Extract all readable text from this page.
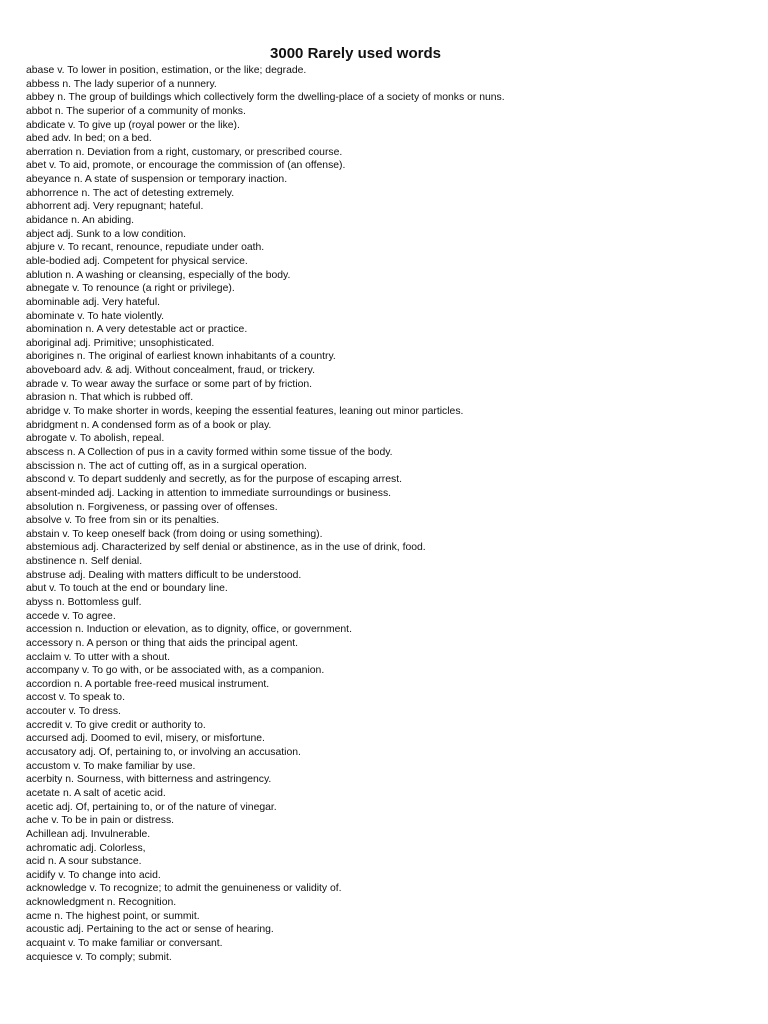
3000 Rarely used words
abase v. To lower in position, estimation, or the like; degrade.
abbess n. The lady superior of a nunnery.
abbey n. The group of buildings which collectively form the dwelling-place of a society of monks or nuns.
abbot n. The superior of a community of monks.
abdicate v. To give up (royal power or the like).
abed adv. In bed; on a bed.
aberration n. Deviation from a right, customary, or prescribed course.
abet v. To aid, promote, or encourage the commission of (an offense).
abeyance n. A state of suspension or temporary inaction.
abhorrence n. The act of detesting extremely.
abhorrent adj. Very repugnant; hateful.
abidance n. An abiding.
abject adj. Sunk to a low condition.
abjure v. To recant, renounce, repudiate under oath.
able-bodied adj. Competent for physical service.
ablution n. A washing or cleansing, especially of the body.
abnegate v. To renounce (a right or privilege).
abominable adj. Very hateful.
abominate v. To hate violently.
abomination n. A very detestable act or practice.
aboriginal adj. Primitive; unsophisticated.
aborigines n. The original of earliest known inhabitants of a country.
aboveboard adv. & adj. Without concealment, fraud, or trickery.
abrade v. To wear away the surface or some part of by friction.
abrasion n. That which is rubbed off.
abridge v. To make shorter in words, keeping the essential features, leaning out minor particles.
abridgment n. A condensed form as of a book or play.
abrogate v. To abolish, repeal.
abscess n. A Collection of pus in a cavity formed within some tissue of the body.
abscission n. The act of cutting off, as in a surgical operation.
abscond v. To depart suddenly and secretly, as for the purpose of escaping arrest.
absent-minded adj. Lacking in attention to immediate surroundings or business.
absolution n. Forgiveness, or passing over of offenses.
absolve v. To free from sin or its penalties.
abstain v. To keep oneself back (from doing or using something).
abstemious adj. Characterized by self denial or abstinence, as in the use of drink, food.
abstinence n. Self denial.
abstruse adj. Dealing with matters difficult to be understood.
abut v. To touch at the end or boundary line.
abyss n. Bottomless gulf.
accede v. To agree.
accession n. Induction or elevation, as to dignity, office, or government.
accessory n. A person or thing that aids the principal agent.
acclaim v. To utter with a shout.
accompany v. To go with, or be associated with, as a companion.
accordion n. A portable free-reed musical instrument.
accost v. To speak to.
accouter v. To dress.
accredit v. To give credit or authority to.
accursed adj. Doomed to evil, misery, or misfortune.
accusatory adj. Of, pertaining to, or involving an accusation.
accustom v. To make familiar by use.
acerbity n. Sourness, with bitterness and astringency.
acetate n. A salt of acetic acid.
acetic adj. Of, pertaining to, or of the nature of vinegar.
ache v. To be in pain or distress.
Achillean adj. Invulnerable.
achromatic adj. Colorless,
acid n. A sour substance.
acidify v. To change into acid.
acknowledge v. To recognize; to admit the genuineness or validity of.
acknowledgment n. Recognition.
acme n. The highest point, or summit.
acoustic adj. Pertaining to the act or sense of hearing.
acquaint v. To make familiar or conversant.
acquiesce v. To comply; submit.
